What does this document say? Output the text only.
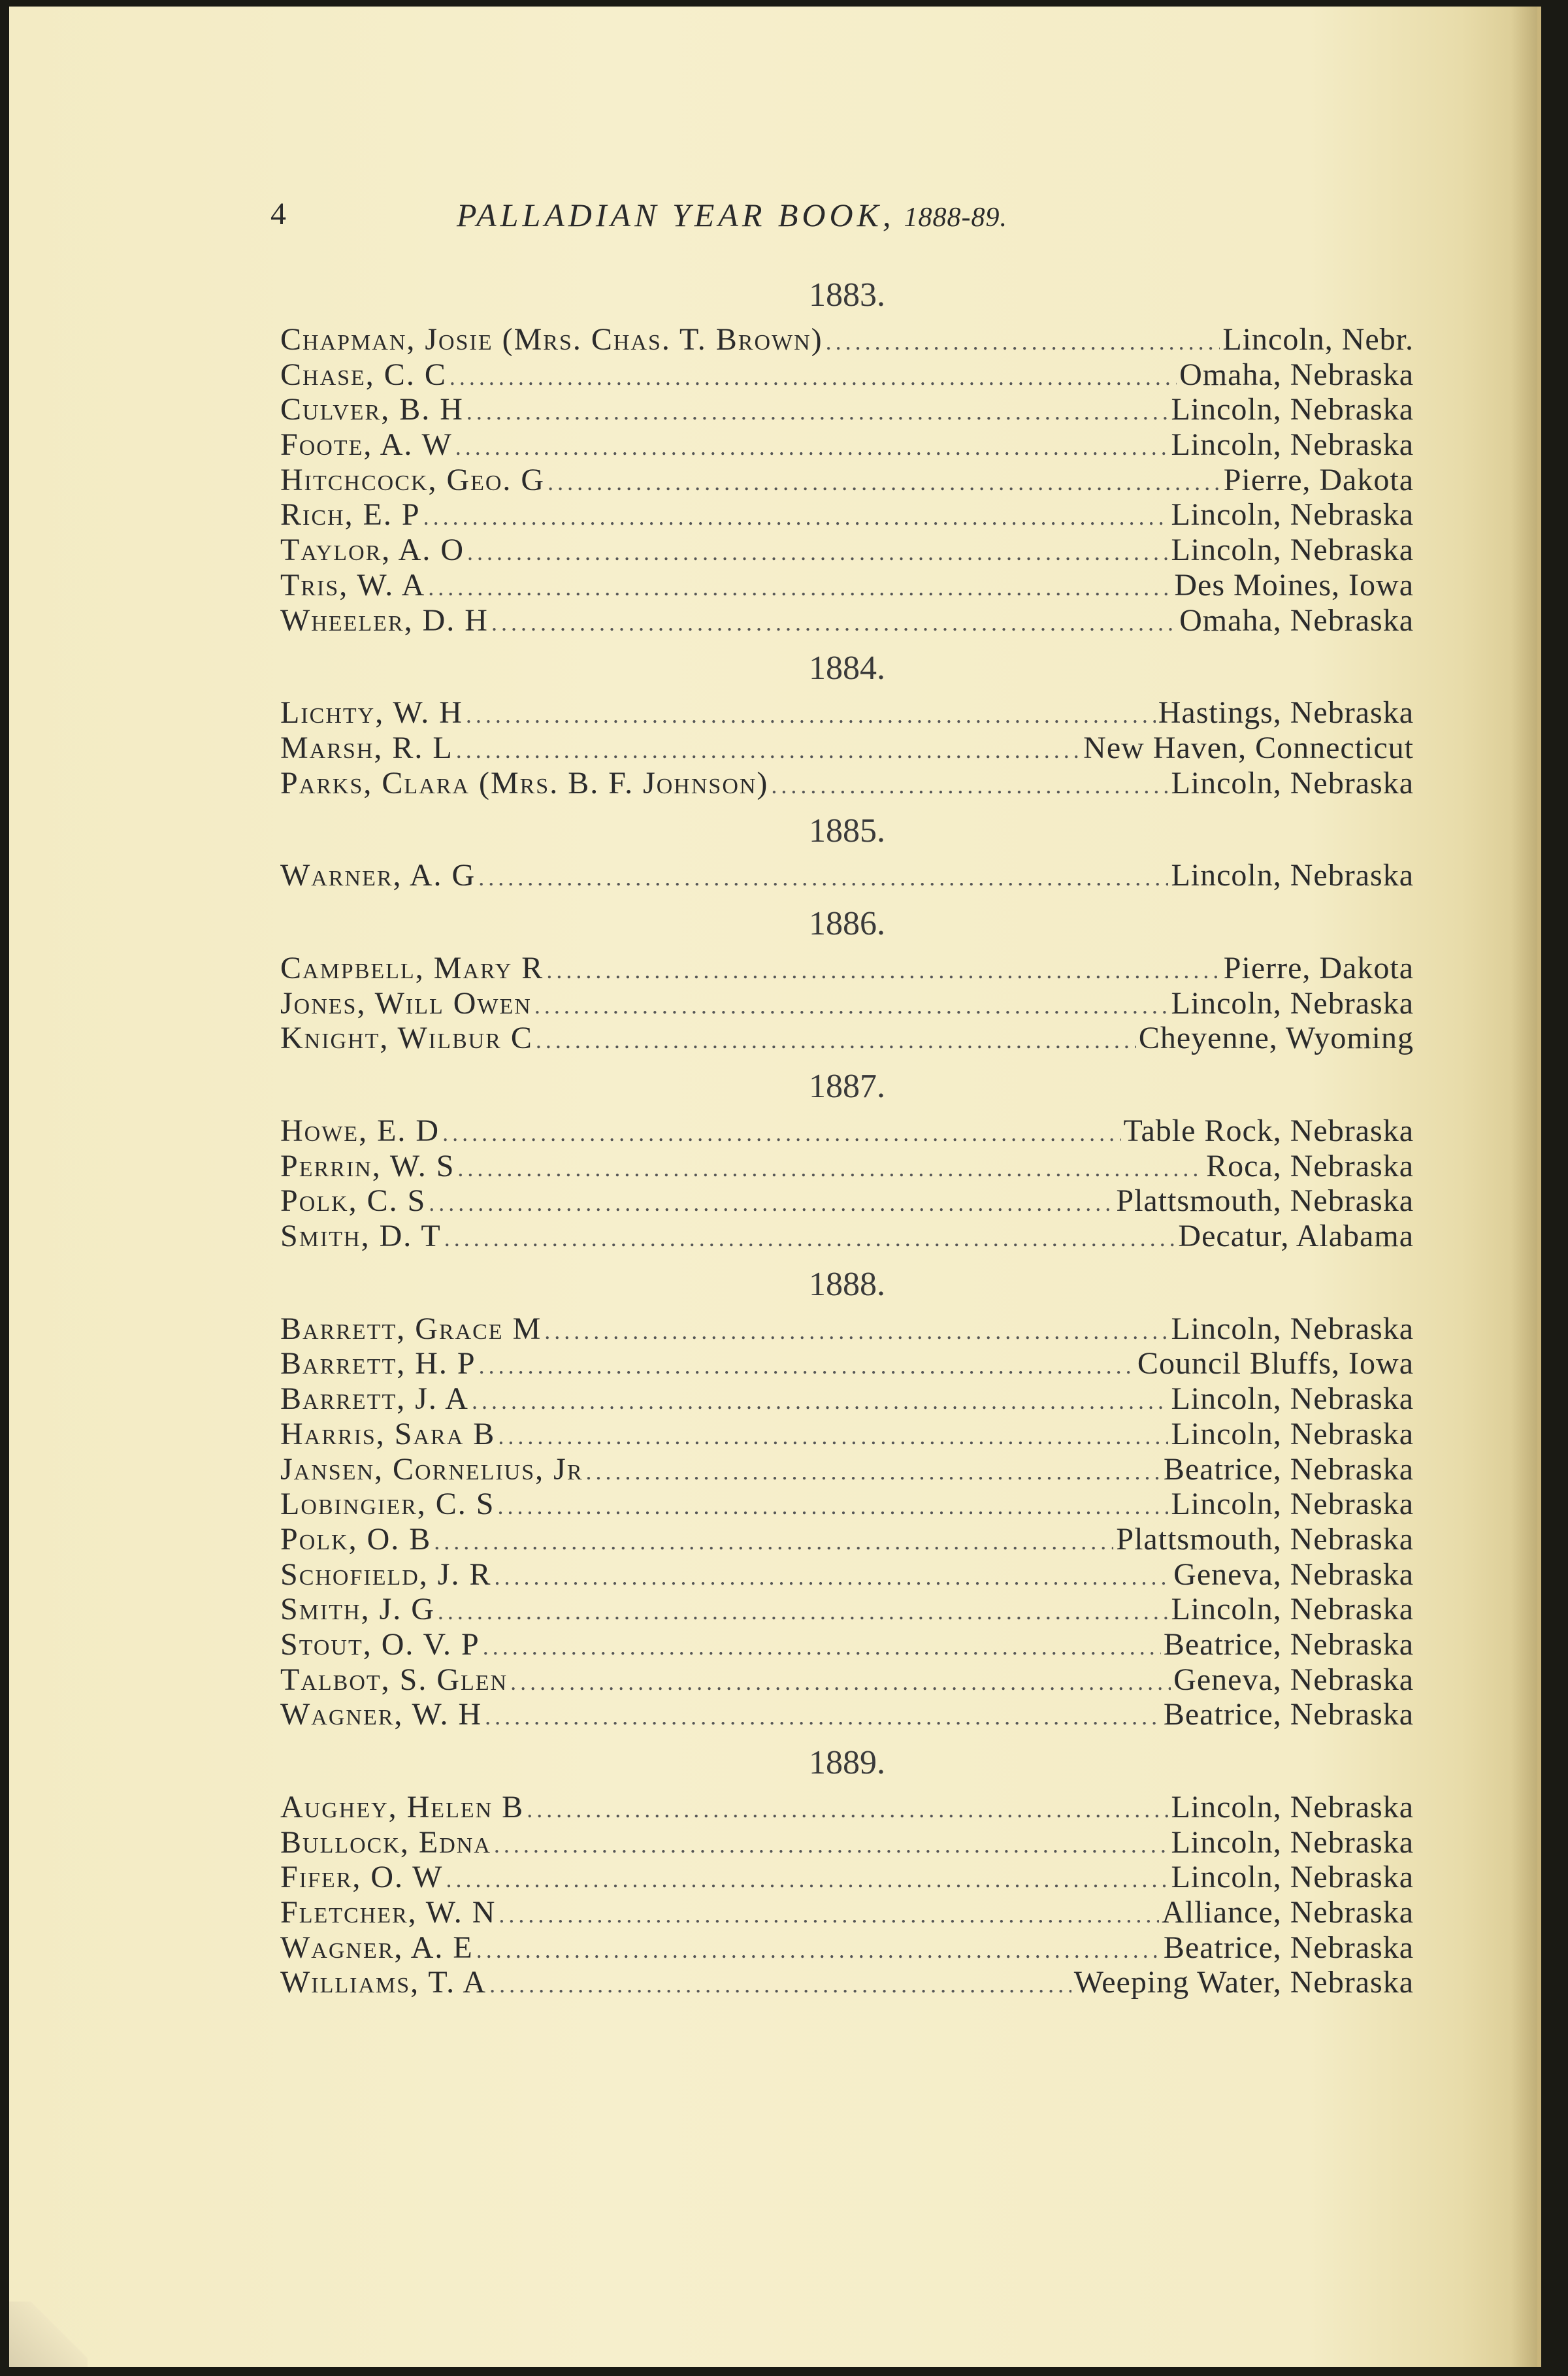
4	PALLADIAN YEAR BOOK, 1888-89.
1883.
Chapman, Josie (Mrs. Chas. T. Brown) .....	Lincoln, Nebr.
Chase, C. C .....	Omaha, Nebraska
Culver, B. H .....	Lincoln, Nebraska
Foote, A. W .....	Lincoln, Nebraska
Hitchcock, Geo. G .....	Pierre, Dakota
Rich, E. P .....	Lincoln, Nebraska
Taylor, A. O .....	Lincoln, Nebraska
Tris, W. A .....	Des Moines, Iowa
Wheeler, D. H .....	Omaha, Nebraska
1884.
Lichty, W. H .....	Hastings, Nebraska
Marsh, R. L .....	New Haven, Connecticut
Parks, Clara (Mrs. B. F. Johnson) .....	Lincoln, Nebraska
1885.
Warner, A. G .....	Lincoln, Nebraska
1886.
Campbell, Mary R .....	Pierre, Dakota
Jones, Will Owen .....	Lincoln, Nebraska
Knight, Wilbur C .....	Cheyenne, Wyoming
1887.
Howe, E. D .....	Table Rock, Nebraska
Perrin, W. S .....	Roca, Nebraska
Polk, C. S .....	Plattsmouth, Nebraska
Smith, D. T .....	Decatur, Alabama
1888.
Barrett, Grace M .....	Lincoln, Nebraska
Barrett, H. P .....	Council Bluffs, Iowa
Barrett, J. A .....	Lincoln, Nebraska
Harris, Sara B .....	Lincoln, Nebraska
Jansen, Cornelius, Jr .....	Beatrice, Nebraska
Lobingier, C. S .....	Lincoln, Nebraska
Polk, O. B .....	Plattsmouth, Nebraska
Schofield, J. R .....	Geneva, Nebraska
Smith, J. G .....	Lincoln, Nebraska
Stout, O. V. P .....	Beatrice, Nebraska
Talbot, S. Glen .....	Geneva, Nebraska
Wagner, W. H .....	Beatrice, Nebraska
1889.
Aughey, Helen B .....	Lincoln, Nebraska
Bullock, Edna .....	Lincoln, Nebraska
Fifer, O. W .....	Lincoln, Nebraska
Fletcher, W. N .....	Alliance, Nebraska
Wagner, A. E .....	Beatrice, Nebraska
Williams, T. A .....	Weeping Water, Nebraska
